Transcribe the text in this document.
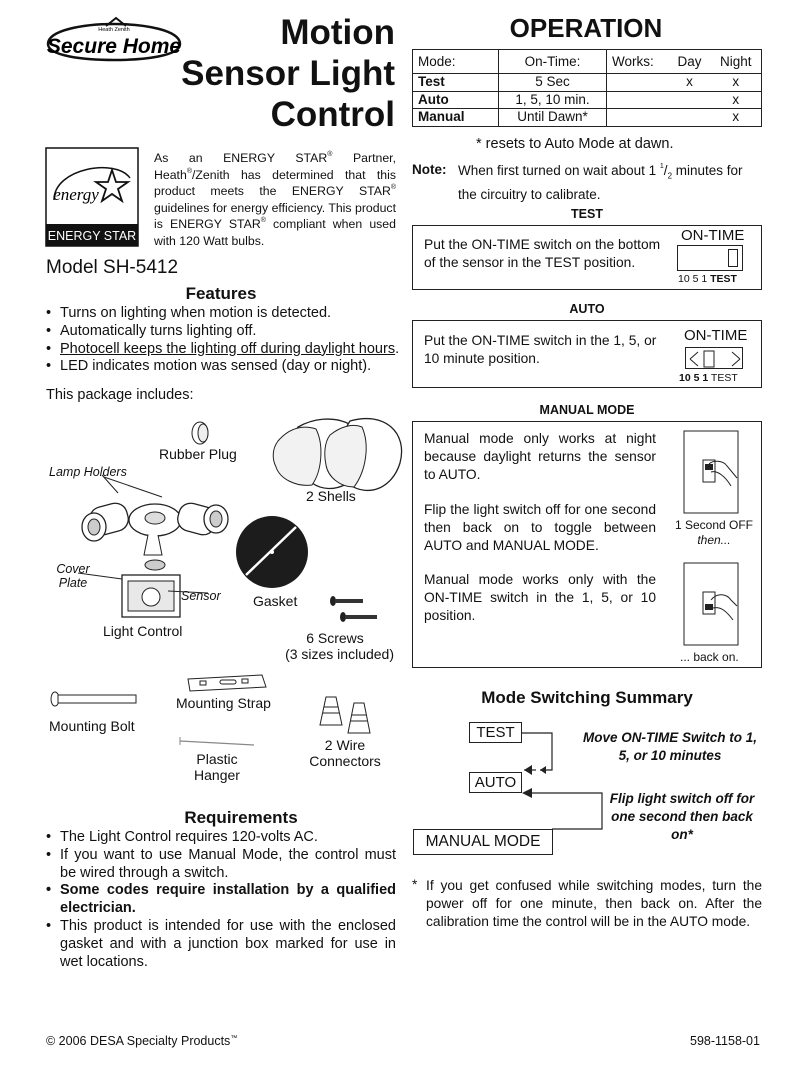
Heath Zenith
Secure Home	Motion
Sensor Light
Control
energy
ENERGY STAR
As an ENERGY STAR® Partner, Heath®/Zenith has determined that this product meets the ENERGY STAR® guidelines for energy efficiency. This product is ENERGY STAR® compliant when used with 120 Watt bulbs.
Model SH-5412
Features
• Turns on lighting when motion is detected.
• Automatically turns lighting off.
• Photocell keeps the lighting off during daylight hours.
• LED indicates motion was sensed (day or night).
This package includes:
Rubber Plug
Lamp Holders
2 Shells
Cover
Plate
Sensor Gasket
Light Control	6 Screws
(3 sizes included)
Mounting Bolt
Mounting Strap
Plastic
Hanger
2 Wire
Connectors
Requirements
• The Light Control requires 120-volts AC.
• If you want to use Manual Mode, the control must be wired through a switch.
• Some codes require installation by a qualified electrician.
• This product is intended for use with the enclosed gasket and with a junction box marked for use in wet locations.
© 2006 DESA Specialty Products™	598-1158-01
OPERATION
Mode:	On-Time:	Works:	Day	Night
Test	5 Sec		x	x
Auto	1, 5, 10 min.			x
Manual	Until Dawn*			x
* resets to Auto Mode at dawn.
Note: When first turned on wait about 1 $^1/_2$ minutes for the circuitry to calibrate.
TEST
Put the ON-TIME switch on the bottom of the sensor in the TEST position.
ON-TIME
10 5 1 TEST
AUTO
Put the ON-TIME switch in the 1, 5, or 10 minute position.
ON-TIME
10 5 1 TEST
MANUAL MODE
Manual mode only works at night because daylight returns the sensor to AUTO.
Flip the light switch off for one second then back on to toggle between AUTO and MANUAL MODE.
Manual mode works only with the ON-TIME switch in the 1, 5, or 10 position.
1 Second OFF
then...
... back on.
Mode Switching Summary
TEST
AUTO
MANUAL MODE
Move ON-TIME Switch to 1, 5, or 10 minutes
Flip light switch off for one second then back on*
* If you get confused while switching modes, turn the power off for one minute, then back on. After the calibration time the control will be in the AUTO mode.
